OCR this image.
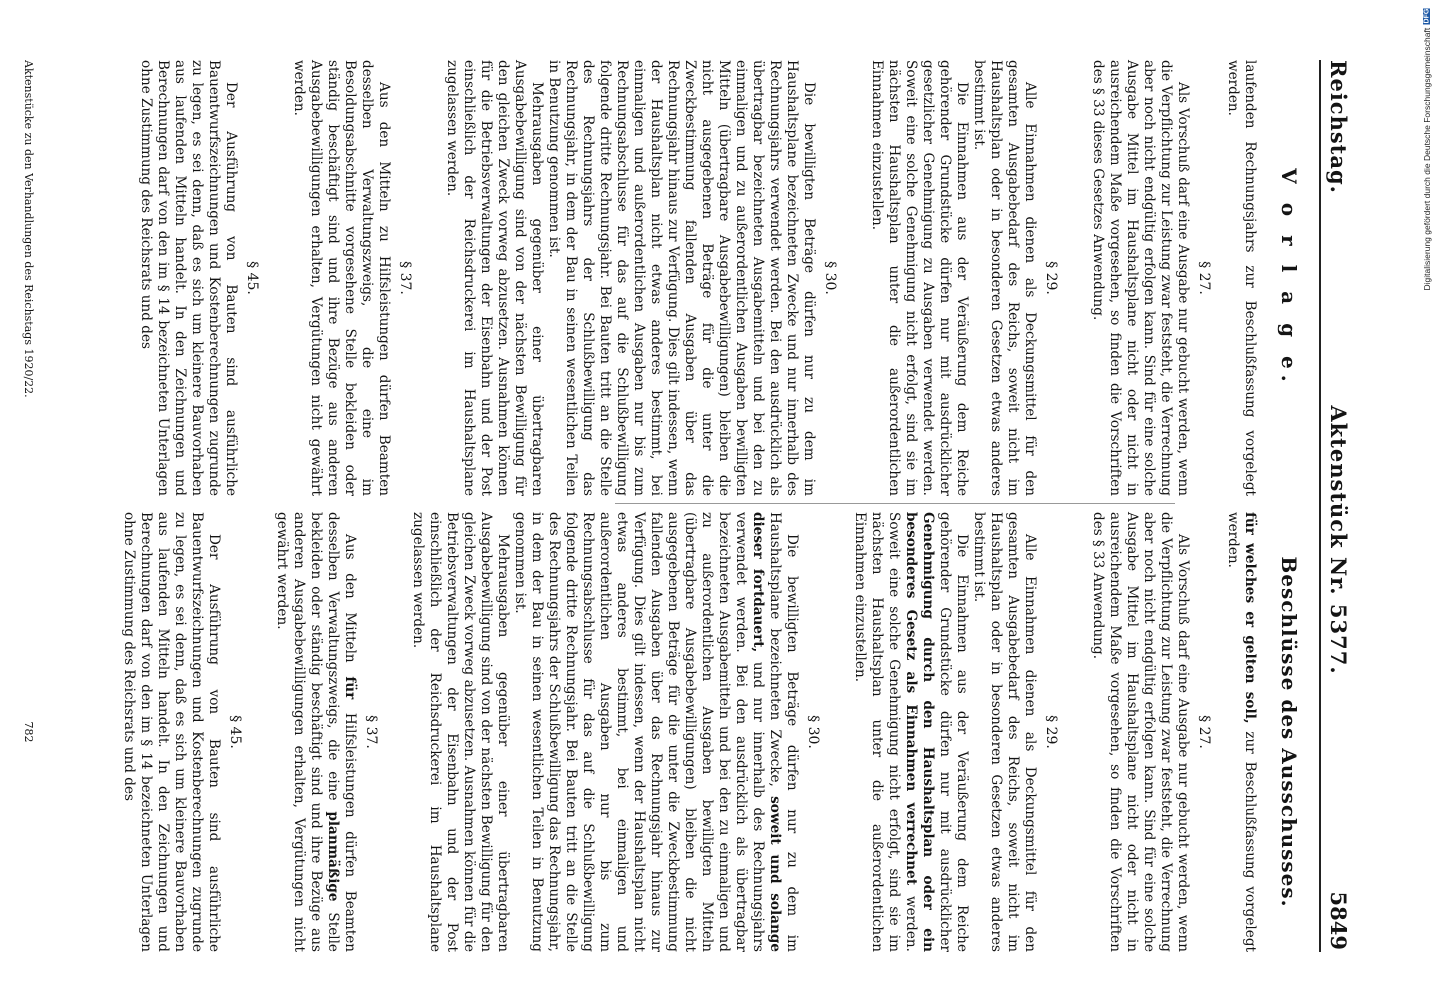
Reichstag.
Aktenstück Nr. 5377.
5849
V o r l a g e.

laufenden Rechnungsjahrs zur Beschlußfassung vorgelegt werden.

§ 27.

Als Vorschuß darf eine Ausgabe nur gebucht werden, wenn die Verpflichtung zur Leistung zwar feststeht, die Verrechnung aber noch nicht endgültig erfolgen kann. Sind für eine solche Ausgabe Mittel im Haushaltsplane nicht oder nicht in ausreichendem Maße vorgesehen, so finden die Vorschriften des § 33 dieses Gesetzes Anwendung.

§ 29.

Alle Einnahmen dienen als Deckungsmittel für den gesamten Ausgabebedarf des Reichs, soweit nicht im Haushaltsplan oder in besonderen Gesetzen etwas anderes bestimmt ist.

Die Einnahmen aus der Veräußerung dem Reiche gehörender Grundstücke dürfen nur mit ausdrücklicher gesetzlicher Genehmigung zu Ausgaben verwendet werden. Soweit eine solche Genehmigung nicht erfolgt, sind sie im nächsten Haushaltsplan unter die außerordentlichen Einnahmen einzustellen.

§ 30.

Die bewilligten Beträge dürfen nur zu dem im Haushaltsplane bezeichneten Zwecke und nur innerhalb des Rechnungsjahrs verwendet werden. Bei den ausdrücklich als übertragbar bezeichneten Ausgabemitteln und bei den zu einmaligen und zu außerordentlichen Ausgaben bewilligten Mitteln (übertragbare Ausgabebewilligungen) bleiben die nicht ausgegebenen Beträge für die unter die Zweckbestimmung fallenden Ausgaben über das Rechnungsjahr hinaus zur Verfügung. Dies gilt indessen, wenn der Haushaltsplan nicht etwas anderes bestimmt, bei einmaligen und außerordentlichen Ausgaben nur bis zum Rechnungsabschlusse für das auf die Schlußbewilligung folgende dritte Rechnungsjahr. Bei Bauten tritt an die Stelle des Rechnungsjahrs der Schlußbewilligung das Rechnungsjahr, in dem der Bau in seinen wesentlichen Teilen in Benutzung genommen ist.

Mehrausgaben gegenüber einer übertragbaren Ausgabebewilligung sind von der nächsten Bewilligung für den gleichen Zweck vorweg abzusetzen. Ausnahmen können für die Betriebsverwaltungen der Eisenbahn und der Post einschließlich der Reichsdruckerei im Haushaltsplane zugelassen werden.

§ 37.

Aus den Mitteln zu Hilfsleistungen dürfen Beamten desselben Verwaltungszweigs, die eine im Besoldungsabschnitte vorgesehene Stelle bekleiden oder ständig beschäftigt sind und ihre Bezüge aus anderen Ausgabebewilligungen erhalten, Vergütungen nicht gewährt werden.

§ 45.

Der Ausführung von Bauten sind ausführliche Bauentwurfszeichnungen und Kostenberechnungen zugrunde zu legen, es sei denn, daß es sich um kleinere Bauvorhaben aus laufenden Mitteln handelt. In den Zeichnungen und Berechnungen darf von den im § 14 bezeichneten Unterlagen ohne Zustimmung des Reichsrats und des

Beschlüsse des Ausschusses.

für welches er gelten soll, zur Beschlußfassung vorgelegt werden.

§ 27.

Als Vorschuß darf eine Ausgabe nur gebucht werden, wenn die Verpflichtung zur Leistung zwar feststeht, die Verrechnung aber noch nicht endgültig erfolgen kann. Sind für eine solche Ausgabe Mittel im Haushaltsplane nicht oder nicht in ausreichendem Maße vorgesehen, so finden die Vorschriften des § 33 Anwendung.

§ 29.

Alle Einnahmen dienen als Deckungsmittel für den gesamten Ausgabebedarf des Reichs, soweit nicht im Haushaltsplan oder in besonderen Gesetzen etwas anderes bestimmt ist.

Die Einnahmen aus der Veräußerung dem Reiche gehörender Grundstücke dürfen nur mit ausdrücklicher Genehmigung durch den Haushaltsplan oder ein besonderes Gesetz als Einnahmen verrechnet werden. Soweit eine solche Genehmigung nicht erfolgt, sind sie im nächsten Haushaltsplan unter die außerordentlichen Einnahmen einzustellen.

§ 30.

Die bewilligten Beträge dürfen nur zu dem im Haushaltsplane bezeichneten Zwecke, soweit und solange dieser fortdauert, und nur innerhalb des Rechnungsjahrs verwendet werden. Bei den ausdrücklich als übertragbar bezeichneten Ausgabemitteln und bei den zu einmaligen und zu außerordentlichen Ausgaben bewilligten Mitteln (übertragbare Ausgabebewilligungen) bleiben die nicht ausgegebenen Beträge für die unter die Zweckbestimmung fallenden Ausgaben über das Rechnungsjahr hinaus zur Verfügung. Dies gilt indessen, wenn der Haushaltsplan nicht etwas anderes bestimmt, bei einmaligen und außerordentlichen Ausgaben nur bis zum Rechnungsabschlusse für das auf die Schlußbewilligung folgende dritte Rechnungsjahr. Bei Bauten tritt an die Stelle des Rechnungsjahrs der Schlußbewilligung das Rechnungsjahr, in dem der Bau in seinen wesentlichen Teilen in Benutzung genommen ist.

Mehrausgaben gegenüber einer übertragbaren Ausgabebewilligung sind von der nächsten Bewilligung für den gleichen Zweck vorweg abzusetzen. Ausnahmen können für die Betriebsverwaltungen der Eisenbahn und der Post einschließlich der Reichsdruckerei im Haushaltsplane zugelassen werden.

§ 37.

Aus den Mitteln für Hilfsleistungen dürfen Beamten desselben Verwaltungszweigs, die eine planmäßige Stelle bekleiden oder ständig beschäftigt sind und ihre Bezüge aus anderen Ausgabebewilligungen erhalten, Vergütungen nicht gewährt werden.

§ 45.

Der Ausführung von Bauten sind ausführliche Bauentwurfszeichnungen und Kostenberechnungen zugrunde zu legen, es sei denn, daß es sich um kleinere Bauvorhaben aus laufenden Mitteln handelt. In den Zeichnungen und Berechnungen darf von den im § 14 bezeichneten Unterlagen ohne Zustimmung des Reichsrats und des

Aktenstücke zu den Verhandlungen des Reichstags 1920/22.
782
Digitalisierung gefördert durch die Deutsche Forschungsgemeinschaft
DFG
